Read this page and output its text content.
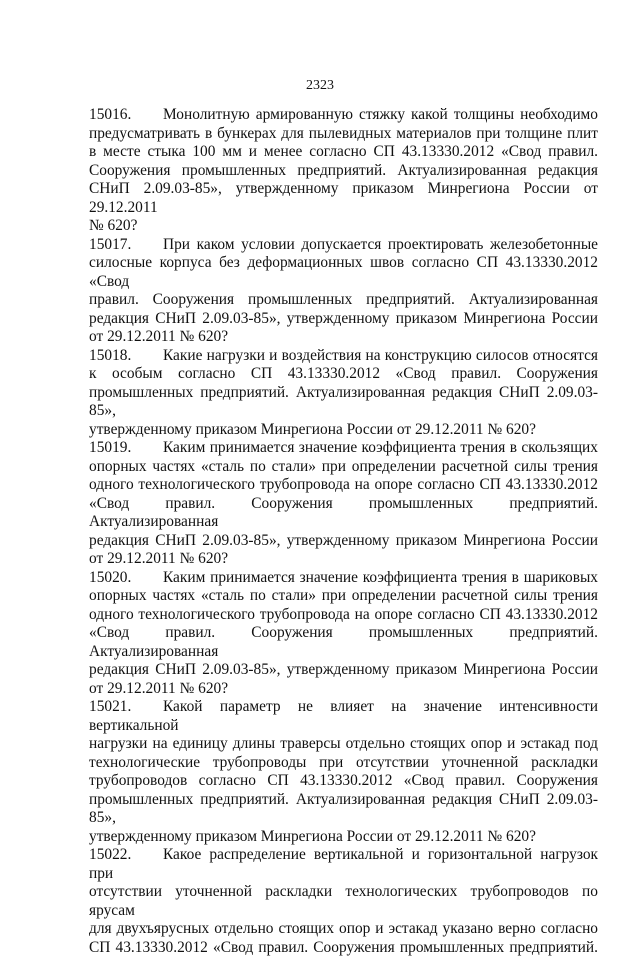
2323

15016. Монолитную армированную стяжку какой толщины необходимо

предусматривать в бункерах для пылевидных материалов при толщине плит

в месте стыка 100 мм и менее согласно СП 43.13330.2012 «Свод правил.

Сооружения промышленных предприятий. Актуализированная редакция

СНиП 2.09.03-85», утвержденному приказом Минрегиона России от 29.12.2011

№ 620?

15017. При каком условии допускается проектировать железобетонные

силосные корпуса без деформационных швов согласно СП 43.13330.2012 «Свод

правил. Сооружения промышленных предприятий. Актуализированная

редакция СНиП 2.09.03-85», утвержденному приказом Минрегиона России

от 29.12.2011 № 620?

15018. Какие нагрузки и воздействия на конструкцию силосов относятся

к особым согласно СП 43.13330.2012 «Свод правил. Сооружения

промышленных предприятий. Актуализированная редакция СНиП 2.09.03-85»,

утвержденному приказом Минрегиона России от 29.12.2011 № 620?

15019. Каким принимается значение коэффициента трения в скользящих

опорных частях «сталь по стали» при определении расчетной силы трения

одного технологического трубопровода на опоре согласно СП 43.13330.2012

«Свод правил. Сооружения промышленных предприятий. Актуализированная

редакция СНиП 2.09.03-85», утвержденному приказом Минрегиона России

от 29.12.2011 № 620?

15020. Каким принимается значение коэффициента трения в шариковых

опорных частях «сталь по стали» при определении расчетной силы трения

одного технологического трубопровода на опоре согласно СП 43.13330.2012

«Свод правил. Сооружения промышленных предприятий. Актуализированная

редакция СНиП 2.09.03-85», утвержденному приказом Минрегиона России

от 29.12.2011 № 620?

15021. Какой параметр не влияет на значение интенсивности вертикальной

нагрузки на единицу длины траверсы отдельно стоящих опор и эстакад под

технологические трубопроводы при отсутствии уточненной раскладки

трубопроводов согласно СП 43.13330.2012 «Свод правил. Сооружения

промышленных предприятий. Актуализированная редакция СНиП 2.09.03-85»,

утвержденному приказом Минрегиона России от 29.12.2011 № 620?

15022. Какое распределение вертикальной и горизонтальной нагрузок при

отсутствии уточненной раскладки технологических трубопроводов по ярусам

для двухъярусных отдельно стоящих опор и эстакад указано верно согласно

СП 43.13330.2012 «Свод правил. Сооружения промышленных предприятий.
